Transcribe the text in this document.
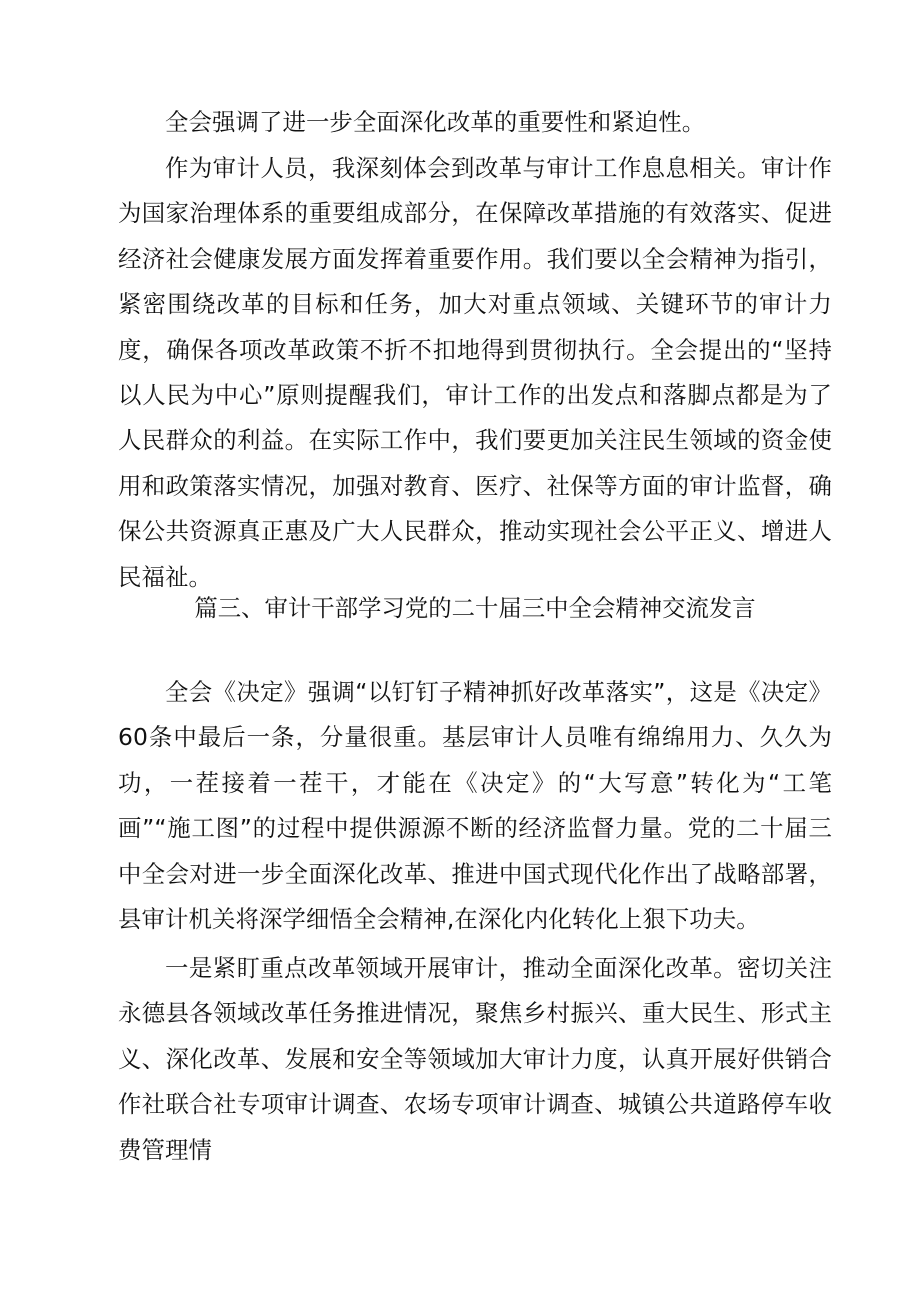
全会强调了进一步全面深化改革的重要性和紧迫性。

作为审计人员，我深刻体会到改革与审计工作息息相关。审计作为国家治理体系的重要组成部分，在保障改革措施的有效落实、促进经济社会健康发展方面发挥着重要作用。我们要以全会精神为指引，紧密围绕改革的目标和任务，加大对重点领域、关键环节的审计力度，确保各项改革政策不折不扣地得到贯彻执行。全会提出的“坚持以人民为中心”原则提醒我们，审计工作的出发点和落脚点都是为了人民群众的利益。在实际工作中，我们要更加关注民生领域的资金使用和政策落实情况，加强对教育、医疗、社保等方面的审计监督，确保公共资源真正惠及广大人民群众，推动实现社会公平正义、增进人民福祉。

篇三、审计干部学习党的二十届三中全会精神交流发言

全会《决定》强调“以钉钉子精神抓好改革落实”，这是《决定》60条中最后一条，分量很重。基层审计人员唯有绵绵用力、久久为功，一茬接着一茬干，才能在《决定》的“大写意”转化为“工笔画”“施工图”的过程中提供源源不断的经济监督力量。党的二十届三中全会对进一步全面深化改革、推进中国式现代化作出了战略部署，县审计机关将深学细悟全会精神,在深化内化转化上狠下功夫。

一是紧盯重点改革领域开展审计，推动全面深化改革。密切关注永德县各领域改革任务推进情况，聚焦乡村振兴、重大民生、形式主义、深化改革、发展和安全等领域加大审计力度，认真开展好供销合作社联合社专项审计调查、农场专项审计调查、城镇公共道路停车收费管理情
